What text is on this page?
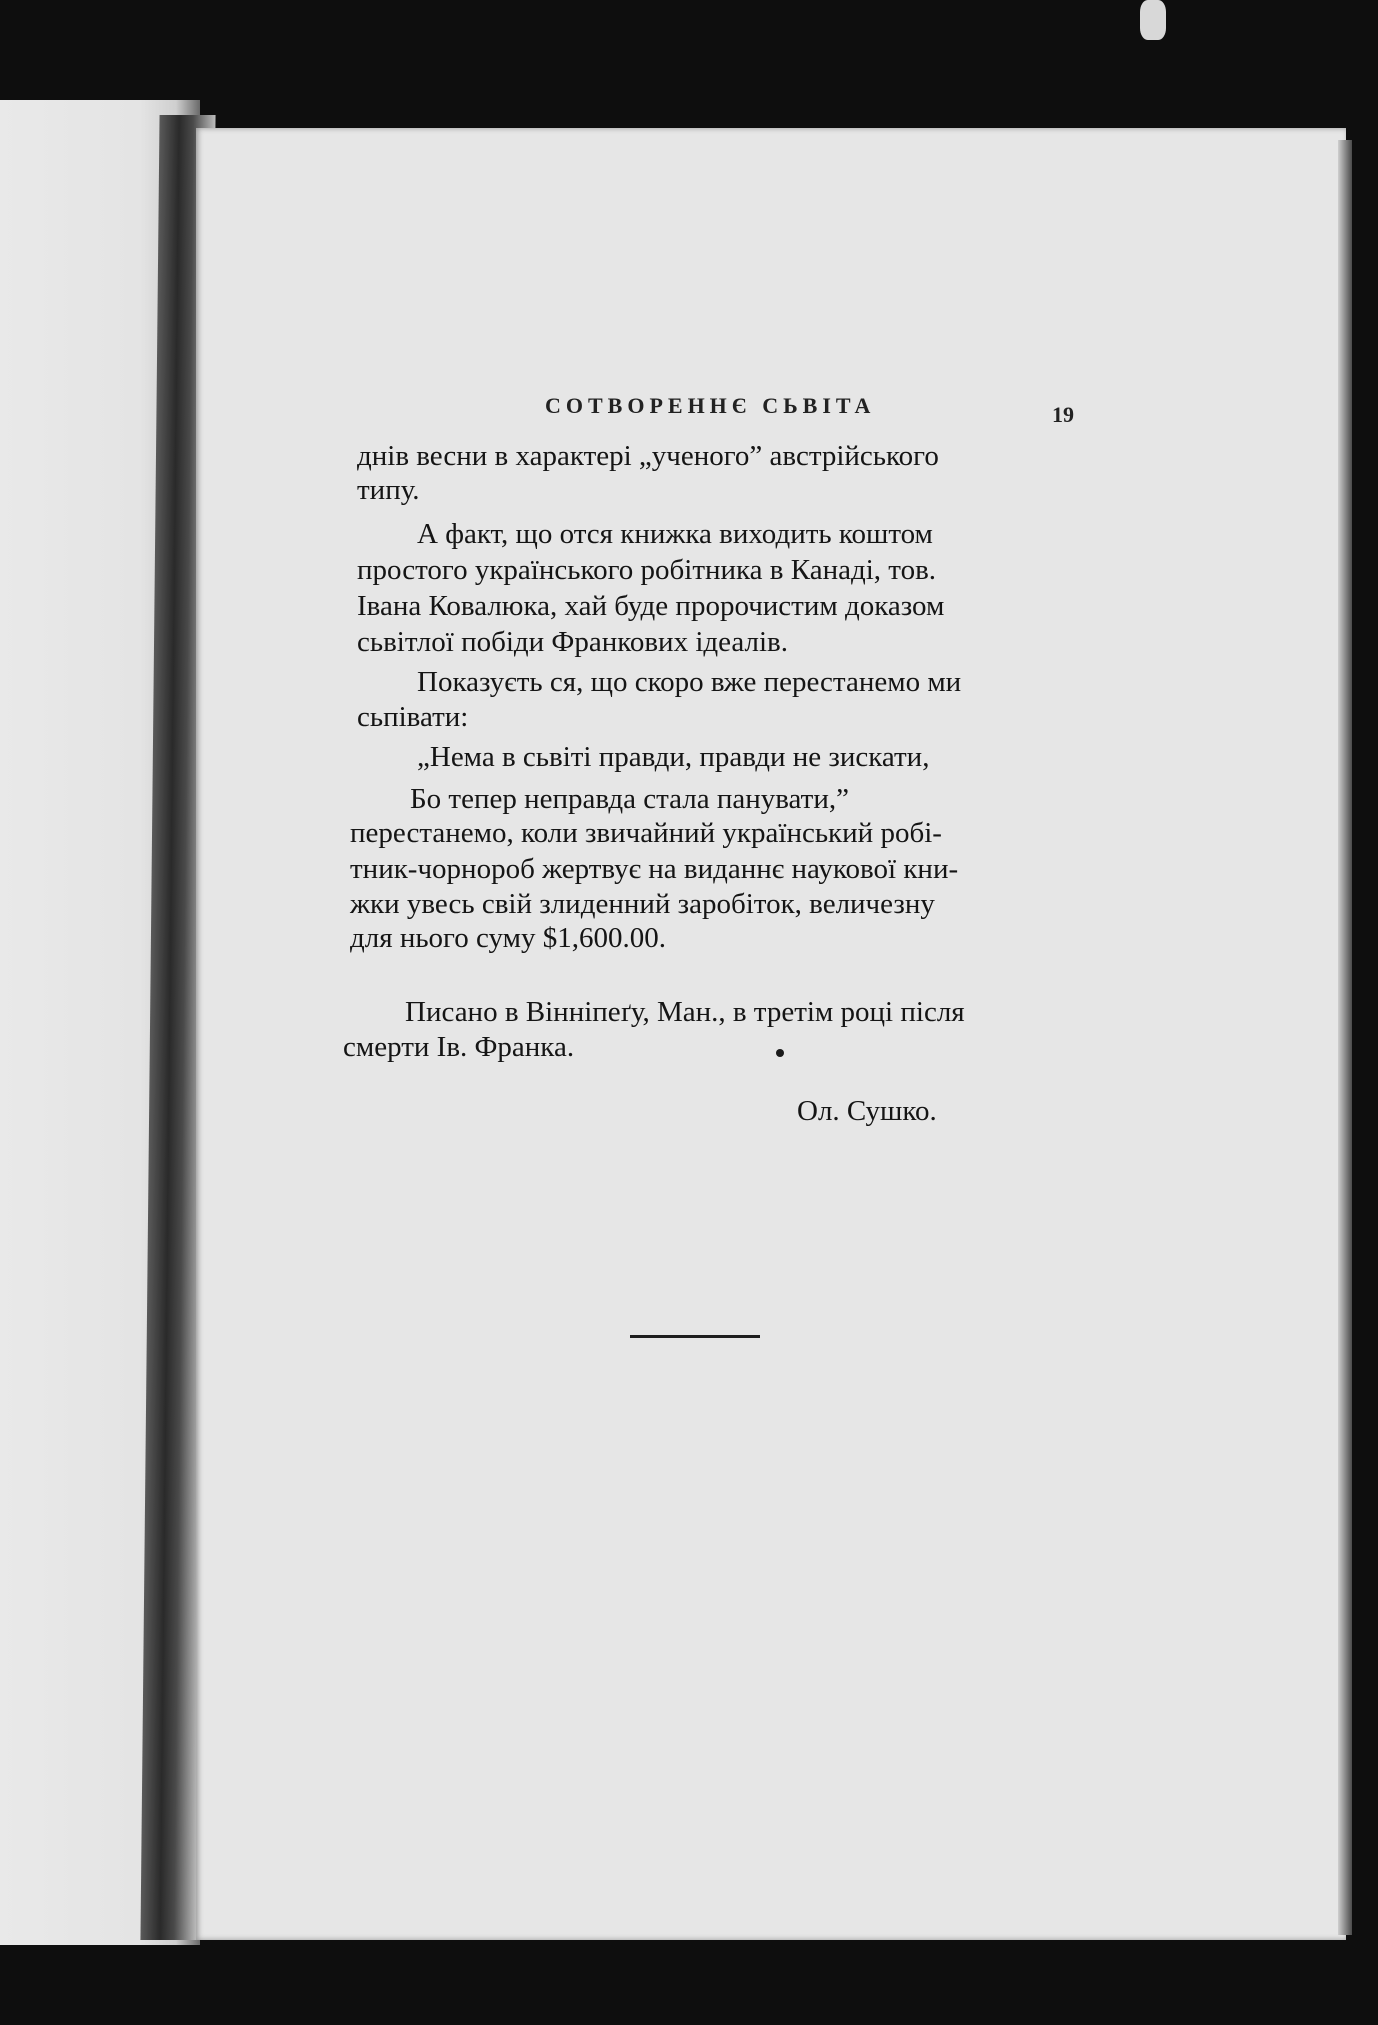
СОТВОРЕННЄ СЬВІТА	19
днів весни в характері „ученого” австрійського
типу.
А факт, що отся книжка виходить коштом
простого українського робітника в Канаді, тов.
Івана Ковалюка, хай буде пророчистим доказом
сьвітлої побіди Франкових ідеалів.
Показуєть ся, що скоро вже перестанемо ми
сьпівати:
„Нема в сьвіті правди, правди не зискати,
Бо тепер неправда стала панувати,”
перестанемо, коли звичайний український робі-
тник-чорнороб жертвує на виданнє наукової кни-
жки увесь свій злиденний заробіток, величезну
для нього суму $1,600.00.
Писано в Вінніпеґу, Ман., в третім році після
смерти Ів. Франка.
Ол. Сушко.
